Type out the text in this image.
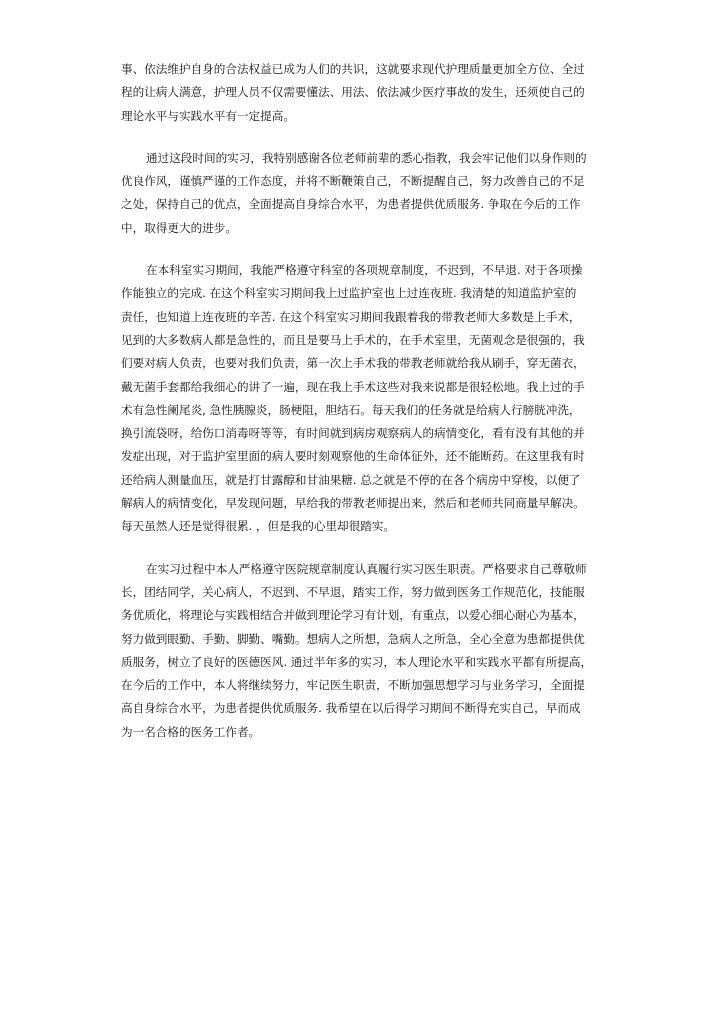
事、依法维护自身的合法权益已成为人们的共识，这就要求现代护理质量更加全方位、全过
程的让病人满意，护理人员不仅需要懂法、用法、依法减少医疗事故的发生，还须使自己的
理论水平与实践水平有一定提高。
通过这段时间的实习，我特别感谢各位老师前辈的悉心指教，我会牢记他们以身作则的
优良作风，谨慎严谨的工作态度，并将不断鞭策自己，不断提醒自己，努力改善自己的不足
之处，保持自己的优点，全面提高自身综合水平，为患者提供优质服务. 争取在今后的工作
中，取得更大的进步。
在本科室实习期间，我能严格遵守科室的各项规章制度，不迟到，不早退. 对于各项操
作能独立的完成. 在这个科室实习期间我上过监护室也上过连夜班. 我清楚的知道监护室的
责任，也知道上连夜班的辛苦. 在这个科室实习期间我跟着我的带教老师大多数是上手术，
见到的大多数病人都是急性的，而且是要马上手术的，在手术室里，无菌观念是很强的，我
们要对病人负责，也要对我们负责，第一次上手术我的带教老师就给我从刷手，穿无菌衣，
戴无菌手套都给我细心的讲了一遍，现在我上手术这些对我来说都是很轻松地。我上过的手
术有急性阑尾炎, 急性胰腺炎，肠梗阻，胆结石。每天我们的任务就是给病人行膀胱冲洗，
换引流袋呀，给伤口消毒呀等等，有时间就到病房观察病人的病情变化，看有没有其他的并
发症出现，对于监护室里面的病人要时刻观察他的生命体征外，还不能断药。在这里我有时
还给病人测量血压，就是打甘露醇和甘油果糖. 总之就是不停的在各个病房中穿梭，以便了
解病人的病情变化，早发现问题，早给我的带教老师提出来，然后和老师共同商量早解决。
每天虽然人还是觉得很累. ，但是我的心里却很踏实。
在实习过程中本人严格遵守医院规章制度认真履行实习医生职责。严格要求自己尊敬师
长，团结同学，关心病人，不迟到、不早退，踏实工作，努力做到医务工作规范化，技能服
务优质化，将理论与实践相结合并做到理论学习有计划，有重点，以爱心细心耐心为基本，
努力做到眼勤、手勤、脚勤、嘴勤。想病人之所想，急病人之所急，全心全意为患都提供优
质服务，树立了良好的医德医风. 通过半年多的实习，本人理论水平和实践水平都有所提高，
在今后的工作中，本人将继续努力，牢记医生职责，不断加强思想学习与业务学习，全面提
高自身综合水平，为患者提供优质服务. 我希望在以后得学习期间不断得充实自己，早而成
为一名合格的医务工作者。
